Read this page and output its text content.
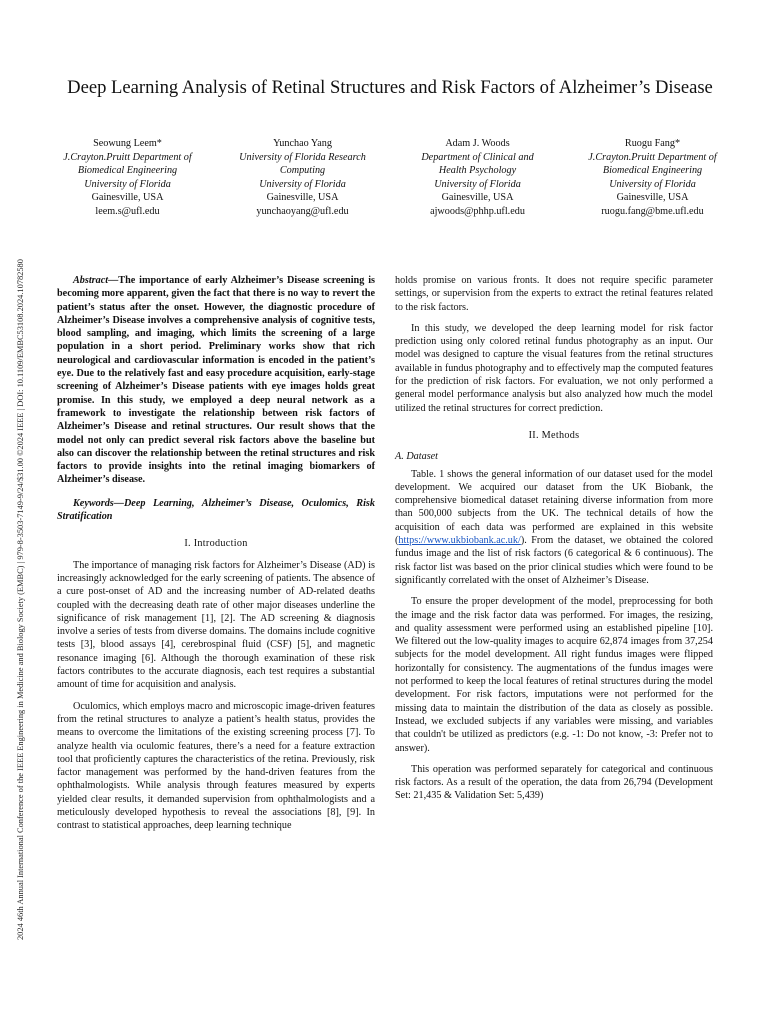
2024 46th Annual International Conference of the IEEE Engineering in Medicine and Biology Society (EMBC) | 979-8-3503-7149-9/24/$31.00 ©2024 IEEE | DOI: 10.1109/EMBC53108.2024.10782580
Deep Learning Analysis of Retinal Structures and Risk Factors of Alzheimer’s Disease
Seowung Leem*
J.Crayton.Pruitt Department of
Biomedical Engineering
University of Florida
Gainesville, USA
leem.s@ufl.edu
Yunchao Yang
University of Florida Research
Computing
University of Florida
Gainesville, USA
yunchaoyang@ufl.edu
Adam J. Woods
Department of Clinical and
Health Psychology
University of Florida
Gainesville, USA
ajwoods@phhp.ufl.edu
Ruogu Fang*
J.Crayton.Pruitt Department of
Biomedical Engineering
University of Florida
Gainesville, USA
ruogu.fang@bme.ufl.edu

Abstract—The importance of early Alzheimer’s Disease screening is becoming more apparent, given the fact that there is no way to revert the patient’s status after the onset. However, the diagnostic procedure of Alzheimer’s Disease involves a comprehensive analysis of cognitive tests, blood sampling, and imaging, which limits the screening of a large population in a short period. Preliminary works show that rich neurological and cardiovascular information is encoded in the patient’s eye. Due to the relatively fast and easy procedure acquisition, early-stage screening of Alzheimer’s Disease patients with eye images holds great promise. In this study, we employed a deep neural network as a framework to investigate the relationship between risk factors of Alzheimer’s Disease and retinal structures. Our result shows that the model not only can predict several risk factors above the baseline but also can discover the relationship between the retinal structures and risk factors to provide insights into the retinal imaging biomarkers of Alzheimer’s disease.

Keywords—Deep Learning, Alzheimer’s Disease, Oculomics, Risk Stratification

I. Introduction

The importance of managing risk factors for Alzheimer’s Disease (AD) is increasingly acknowledged for the early screening of patients. The absence of a cure post-onset of AD and the increasing number of AD-related deaths coupled with the decreasing death rate of other major diseases underline the significance of risk management [1], [2]. The AD screening & diagnosis involve a series of tests from diverse domains. The domains include cognitive tests [3], blood assays [4], cerebrospinal fluid (CSF) [5], and magnetic resonance imaging [6]. Although the thorough examination of these risk factors contributes to the accurate diagnosis, each test requires a substantial amount of time for acquisition and analysis.

Oculomics, which employs macro and microscopic image-driven features from the retinal structures to analyze a patient’s health status, provides the means to overcome the limitations of the existing screening process [7]. To analyze health via oculomic features, there’s a need for a feature extraction tool that proficiently captures the characteristics of the retina. Previously, risk factor management was performed by the hand-driven features from the ophthalmologists. While analysis through features measured by experts yielded clear results, it demanded supervision from ophthalmologists and a meticulously developed hypothesis to reveal the associations [8], [9]. In contrast to statistical approaches, deep learning technique

holds promise on various fronts. It does not require specific parameter settings, or supervision from the experts to extract the retinal features related to the risk factors.

In this study, we developed the deep learning model for risk factor prediction using only colored retinal fundus photography as an input. Our model was designed to capture the visual features from the retinal structures available in fundus photography and to effectively map the computed features for the prediction of risk factors. For evaluation, we not only performed a general model performance analysis but also analyzed how much the model utilized the retinal structures for correct prediction.

II. Methods

A. Dataset

Table. 1 shows the general information of our dataset used for the model development. We acquired our dataset from the UK Biobank, the comprehensive biomedical dataset retaining diverse information from more than 500,000 subjects from the UK. The technical details of how the acquisition of each data was performed are explained in this website (https://www.ukbiobank.ac.uk/). From the dataset, we obtained the colored fundus image and the list of risk factors (6 categorical & 6 continuous). The risk factor list was based on the prior clinical studies which were found to be significantly correlated with the onset of Alzheimer’s Disease.

To ensure the proper development of the model, preprocessing for both the image and the risk factor data was performed. For images, the resizing, and quality assessment were performed using an established pipeline [10]. We filtered out the low-quality images to acquire 62,874 images from 37,254 subjects for the model development. All right fundus images were flipped horizontally for consistency. The augmentations of the fundus images were not performed to keep the local features of retinal structures during the model development. For risk factors, imputations were not performed for the missing data to maintain the distribution of the data as closely as possible. Instead, we excluded subjects if any variables were missing, and variables that couldn't be utilized as predictors (e.g. -1: Do not know, -3: Prefer not to answer).

This operation was performed separately for categorical and continuous risk factors. As a result of the operation, the data from 26,794 (Development Set: 21,435 & Validation Set: 5,439)
